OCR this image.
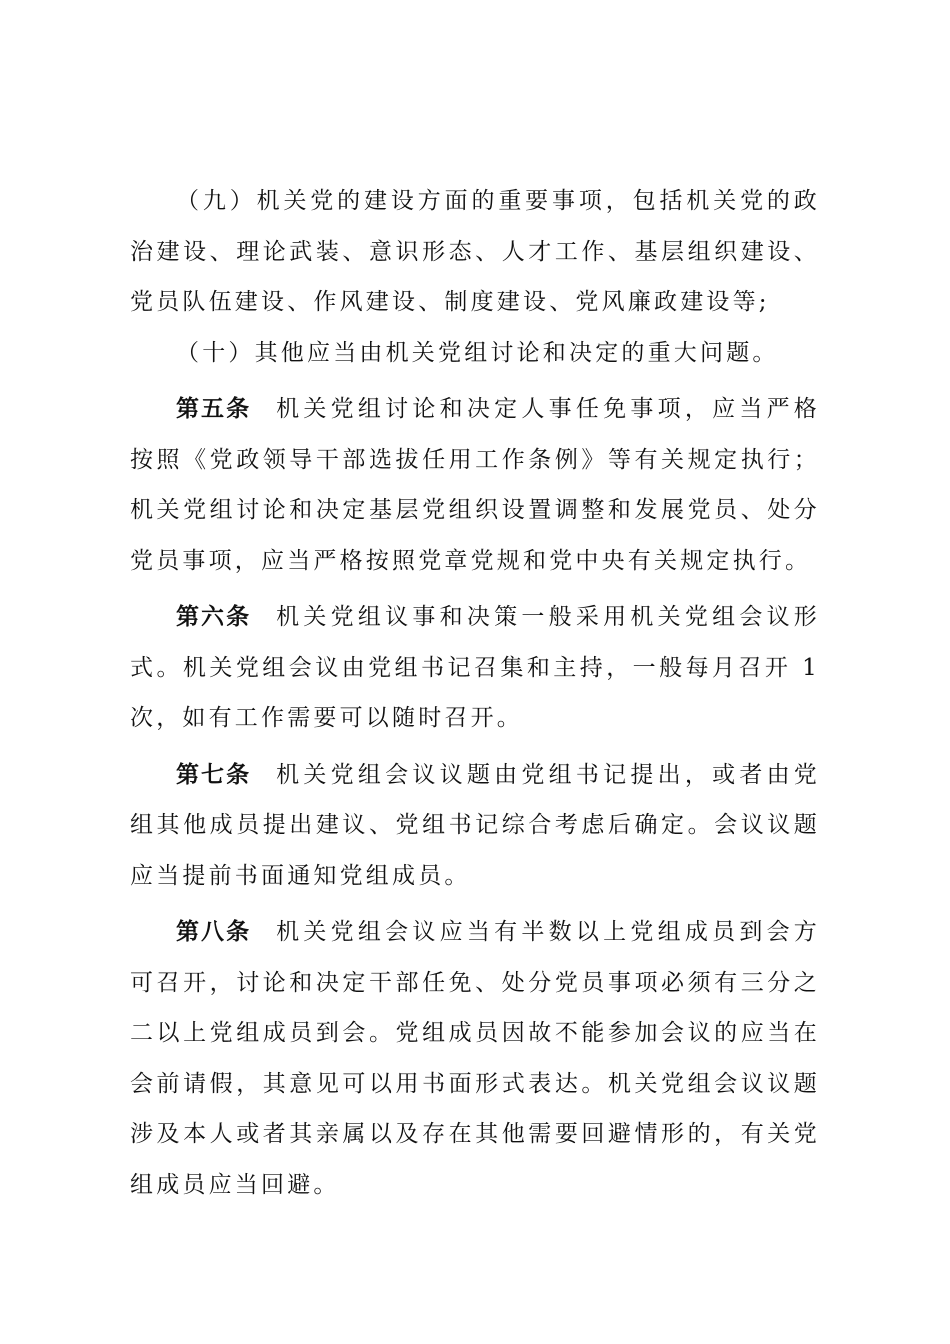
（九）机关党的建设方面的重要事项，包括机关党的政治建设、理论武装、意识形态、人才工作、基层组织建设、党员队伍建设、作风建设、制度建设、党风廉政建设等;

（十）其他应当由机关党组讨论和决定的重大问题。

第五条 机关党组讨论和决定人事任免事项，应当严格按照《党政领导干部选拔任用工作条例》等有关规定执行；机关党组讨论和决定基层党组织设置调整和发展党员、处分党员事项，应当严格按照党章党规和党中央有关规定执行。

第六条 机关党组议事和决策一般采用机关党组会议形式。机关党组会议由党组书记召集和主持，一般每月召开 1 次，如有工作需要可以随时召开。

第七条 机关党组会议议题由党组书记提出，或者由党组其他成员提出建议、党组书记综合考虑后确定。会议议题应当提前书面通知党组成员。

第八条 机关党组会议应当有半数以上党组成员到会方可召开，讨论和决定干部任免、处分党员事项必须有三分之二以上党组成员到会。党组成员因故不能参加会议的应当在会前请假，其意见可以用书面形式表达。机关党组会议议题涉及本人或者其亲属以及存在其他需要回避情形的，有关党组成员应当回避。
